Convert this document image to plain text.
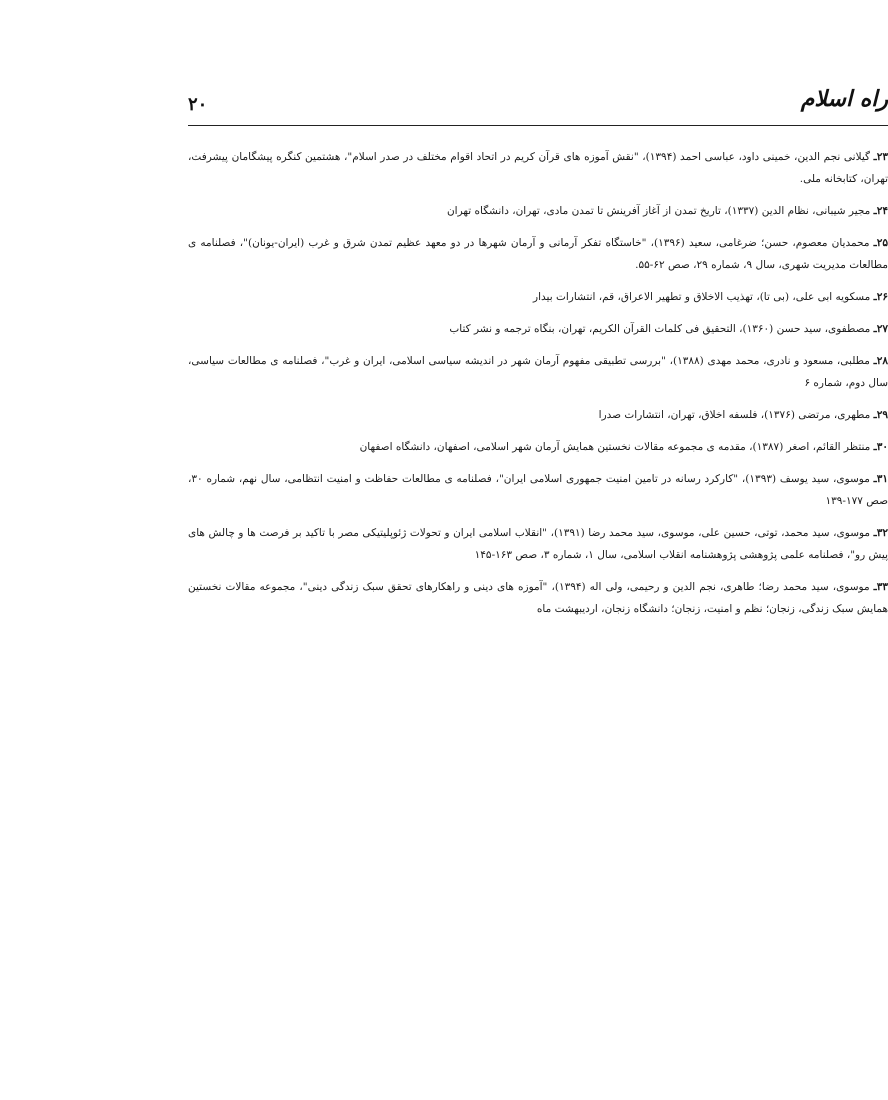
راه اسلام
۲۰
۲۳ـ گیلانی نجم الدین، خمینی داود، عباسی احمد (۱۳۹۴)، "نقش آموزه های قرآن کریم در اتحاد اقوام مختلف در صدر اسلام"، هشتمین کنگره پیشگامان پیشرفت، تهران، کتابخانه ملی.
۲۴ـ مجیر شیبانی، نظام الدین (۱۳۳۷)، تاریخ تمدن از آغاز آفرینش تا تمدن مادی، تهران، دانشگاه تهران
۲۵ـ محمدیان معصوم، حسن؛ ضرغامی، سعید (۱۳۹۶)، "خاستگاه تفکر آرمانی و آرمان شهرها در دو معهد عظیم تمدن شرق و غرب (ایران-یونان)"، فصلنامه ی مطالعات مدیریت شهری، سال ۹، شماره ۲۹، صص ۶۲-۵۵.
۲۶ـ مسکویه ابی علی، (بی تا)، تهذیب الاخلاق و تطهیر الاعراق، قم، انتشارات بیدار
۲۷ـ مصطفوی، سید حسن (۱۳۶۰)، التحقیق فی کلمات القرآن الکریم، تهران، بنگاه ترجمه و نشر کتاب
۲۸ـ مطلبی، مسعود و نادری، محمد مهدی (۱۳۸۸)، "بررسی تطبیقی مفهوم آرمان شهر در اندیشه سیاسی اسلامی، ایران و غرب"، فصلنامه ی مطالعات سیاسی، سال دوم، شماره ۶
۲۹ـ مطهری، مرتضی (۱۳۷۶)، فلسفه اخلاق، تهران، انتشارات صدرا
۳۰ـ منتظر القائم، اصغر (۱۳۸۷)، مقدمه ی مجموعه مقالات نخستین همایش آرمان شهر اسلامی، اصفهان، دانشگاه اصفهان
۳۱ـ موسوی، سید یوسف (۱۳۹۳)، "کارکرد رسانه در تامین امنیت جمهوری اسلامی ایران"، فصلنامه ی مطالعات حفاظت و امنیت انتظامی، سال نهم، شماره ۳۰، صص ۱۷۷-۱۳۹
۳۲ـ موسوی، سید محمد، توتی، حسین علی، موسوی، سید محمد رضا (۱۳۹۱)، "انقلاب اسلامی ایران و تحولات ژئوپلیتیکی مصر با تاکید بر فرصت ها و چالش های پیش رو"، فصلنامه علمی پژوهشی پژوهشنامه انقلاب اسلامی، سال ۱، شماره ۳، صص ۱۶۳-۱۴۵
۳۳ـ موسوی، سید محمد رضا؛ طاهری، نجم الدین و رحیمی، ولی اله (۱۳۹۴)، "آموزه های دینی و راهکارهای تحقق سبک زندگی دینی"، مجموعه مقالات نخستین همایش سبک زندگی، زنجان؛ نظم و امنیت، زنجان؛ دانشگاه زنجان، اردیبهشت ماه
